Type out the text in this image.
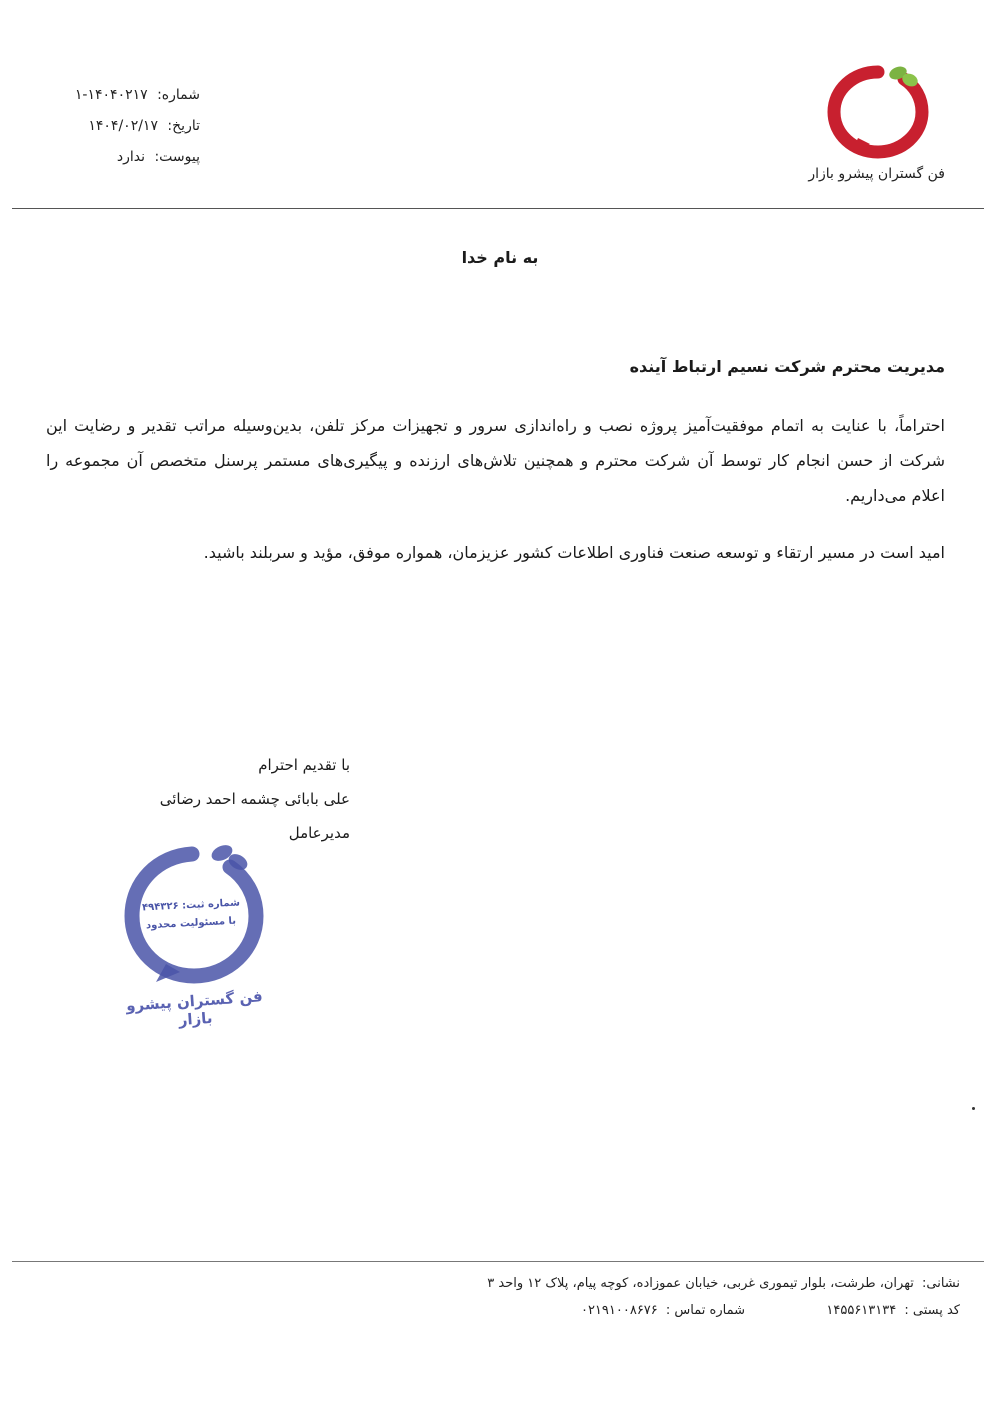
فن گستران پیشرو بازار
شماره: ۱۴۰۴۰۲۱۷-۱
تاریخ: ۱۴۰۴/۰۲/۱۷
پیوست: ندارد
به نام خدا
مدیریت محترم شرکت نسیم ارتباط آینده
احتراماً، با عنایت به اتمام موفقیت‌آمیز پروژه نصب و راه‌اندازی سرور و تجهیزات مرکز تلفن، بدین‌وسیله مراتب تقدیر و رضایت این شرکت از حسن انجام کار توسط آن شرکت محترم و همچنین تلاش‌های ارزنده و پیگیری‌های مستمر پرسنل متخصص آن مجموعه را اعلام می‌داریم.
امید است در مسیر ارتقاء و توسعه صنعت فناوری اطلاعات کشور عزیزمان، همواره موفق، مؤید و سربلند باشید.
با تقدیم احترام
علی بابائی چشمه احمد رضائی
مدیرعامل
شماره ثبت: ۴۹۴۳۲۶
با مسئولیت محدود
فن گستران پیشرو بازار
نشانی: تهران، طرشت، بلوار تیموری غربی، خیابان عموزاده، کوچه پیام، پلاک ۱۲ واحد ۳
کد پستی : ۱۴۵۵۶۱۳۱۳۴
شماره تماس : ۰۲۱۹۱۰۰۸۶۷۶
